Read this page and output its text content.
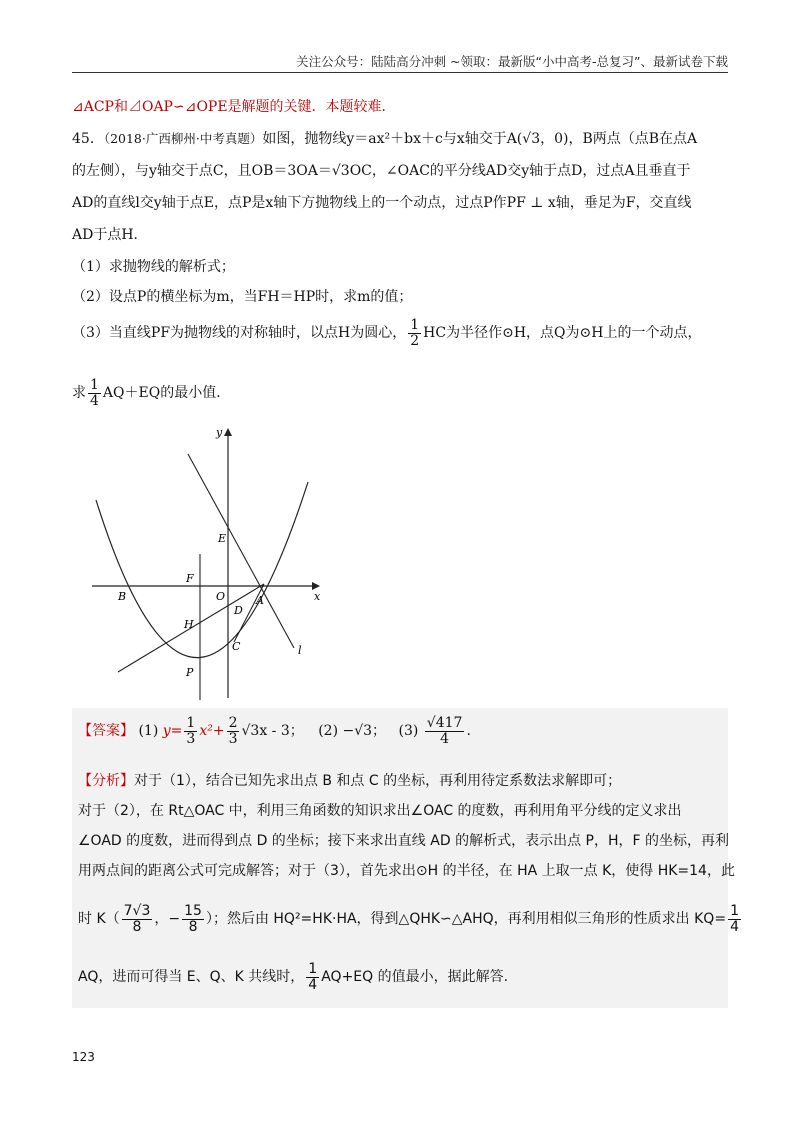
关注公众号：陆陆高分冲刺 ~领取：最新版“小中高考-总复习”、最新试卷下载
⊿ACP和⊿OAP∽⊿OPE是解题的关键．本题较难．
45．（2018·广西柳州·中考真题）如图，抛物线y＝ax²＋bx＋c与x轴交于A(√3，0)，B两点（点B在点A
的左侧），与y轴交于点C，且OB＝3OA＝√3OC，∠OAC的平分线AD交y轴于点D，过点A且垂直于
AD的直线l交y轴于点E，点P是x轴下方抛物线上的一个动点，过点P作PF ⊥ x轴，垂足为F，交直线
AD于点H．
（1）求抛物线的解析式；
（2）设点P的横坐标为m，当FH＝HP时，求m的值；
（3）当直线PF为抛物线的对称轴时，以点H为圆心， $\frac{1}{2}$ HC为半径作⊙H，点Q为⊙H上的一个动点，
求 $\frac{1}{4} AQ+EQ$的最小值．
y
x
E
F
B	O	A
D
H
C
P
l
【答案】 (1) $y= \frac{1}{3} x^2+ \frac{2}{3} √3x - 3$； (2) −√3； $(3) \frac{√417}{4}$ .
【分析】对于（1），结合已知先求出点 B 和点 C 的坐标，再利用待定系数法求解即可；
对于（2），在 Rt△OAC 中，利用三角函数的知识求出∠OAC 的度数，再利用角平分线的定义求出
∠OAD 的度数，进而得到点 D 的坐标；接下来求出直线 AD 的解析式，表示出点 P，H，F 的坐标，再利
用两点间的距离公式可完成解答；对于（3），首先求出⊙H 的半径，在 HA 上取一点 K，使得 HK=14，此
时 $K( \frac{7√3}{8}$ ，− $\frac{15}{8}$ ）；然后由 HQ²=HK·HA，得到△QHK∽△AHQ，再利用相似三角形的性质求出 $KQ= \frac{1}{4}$
AQ，进而可得当 E、Q、K 共线时， $\frac{1}{4} AQ+EQ$ 的值最小，据此解答.
123
